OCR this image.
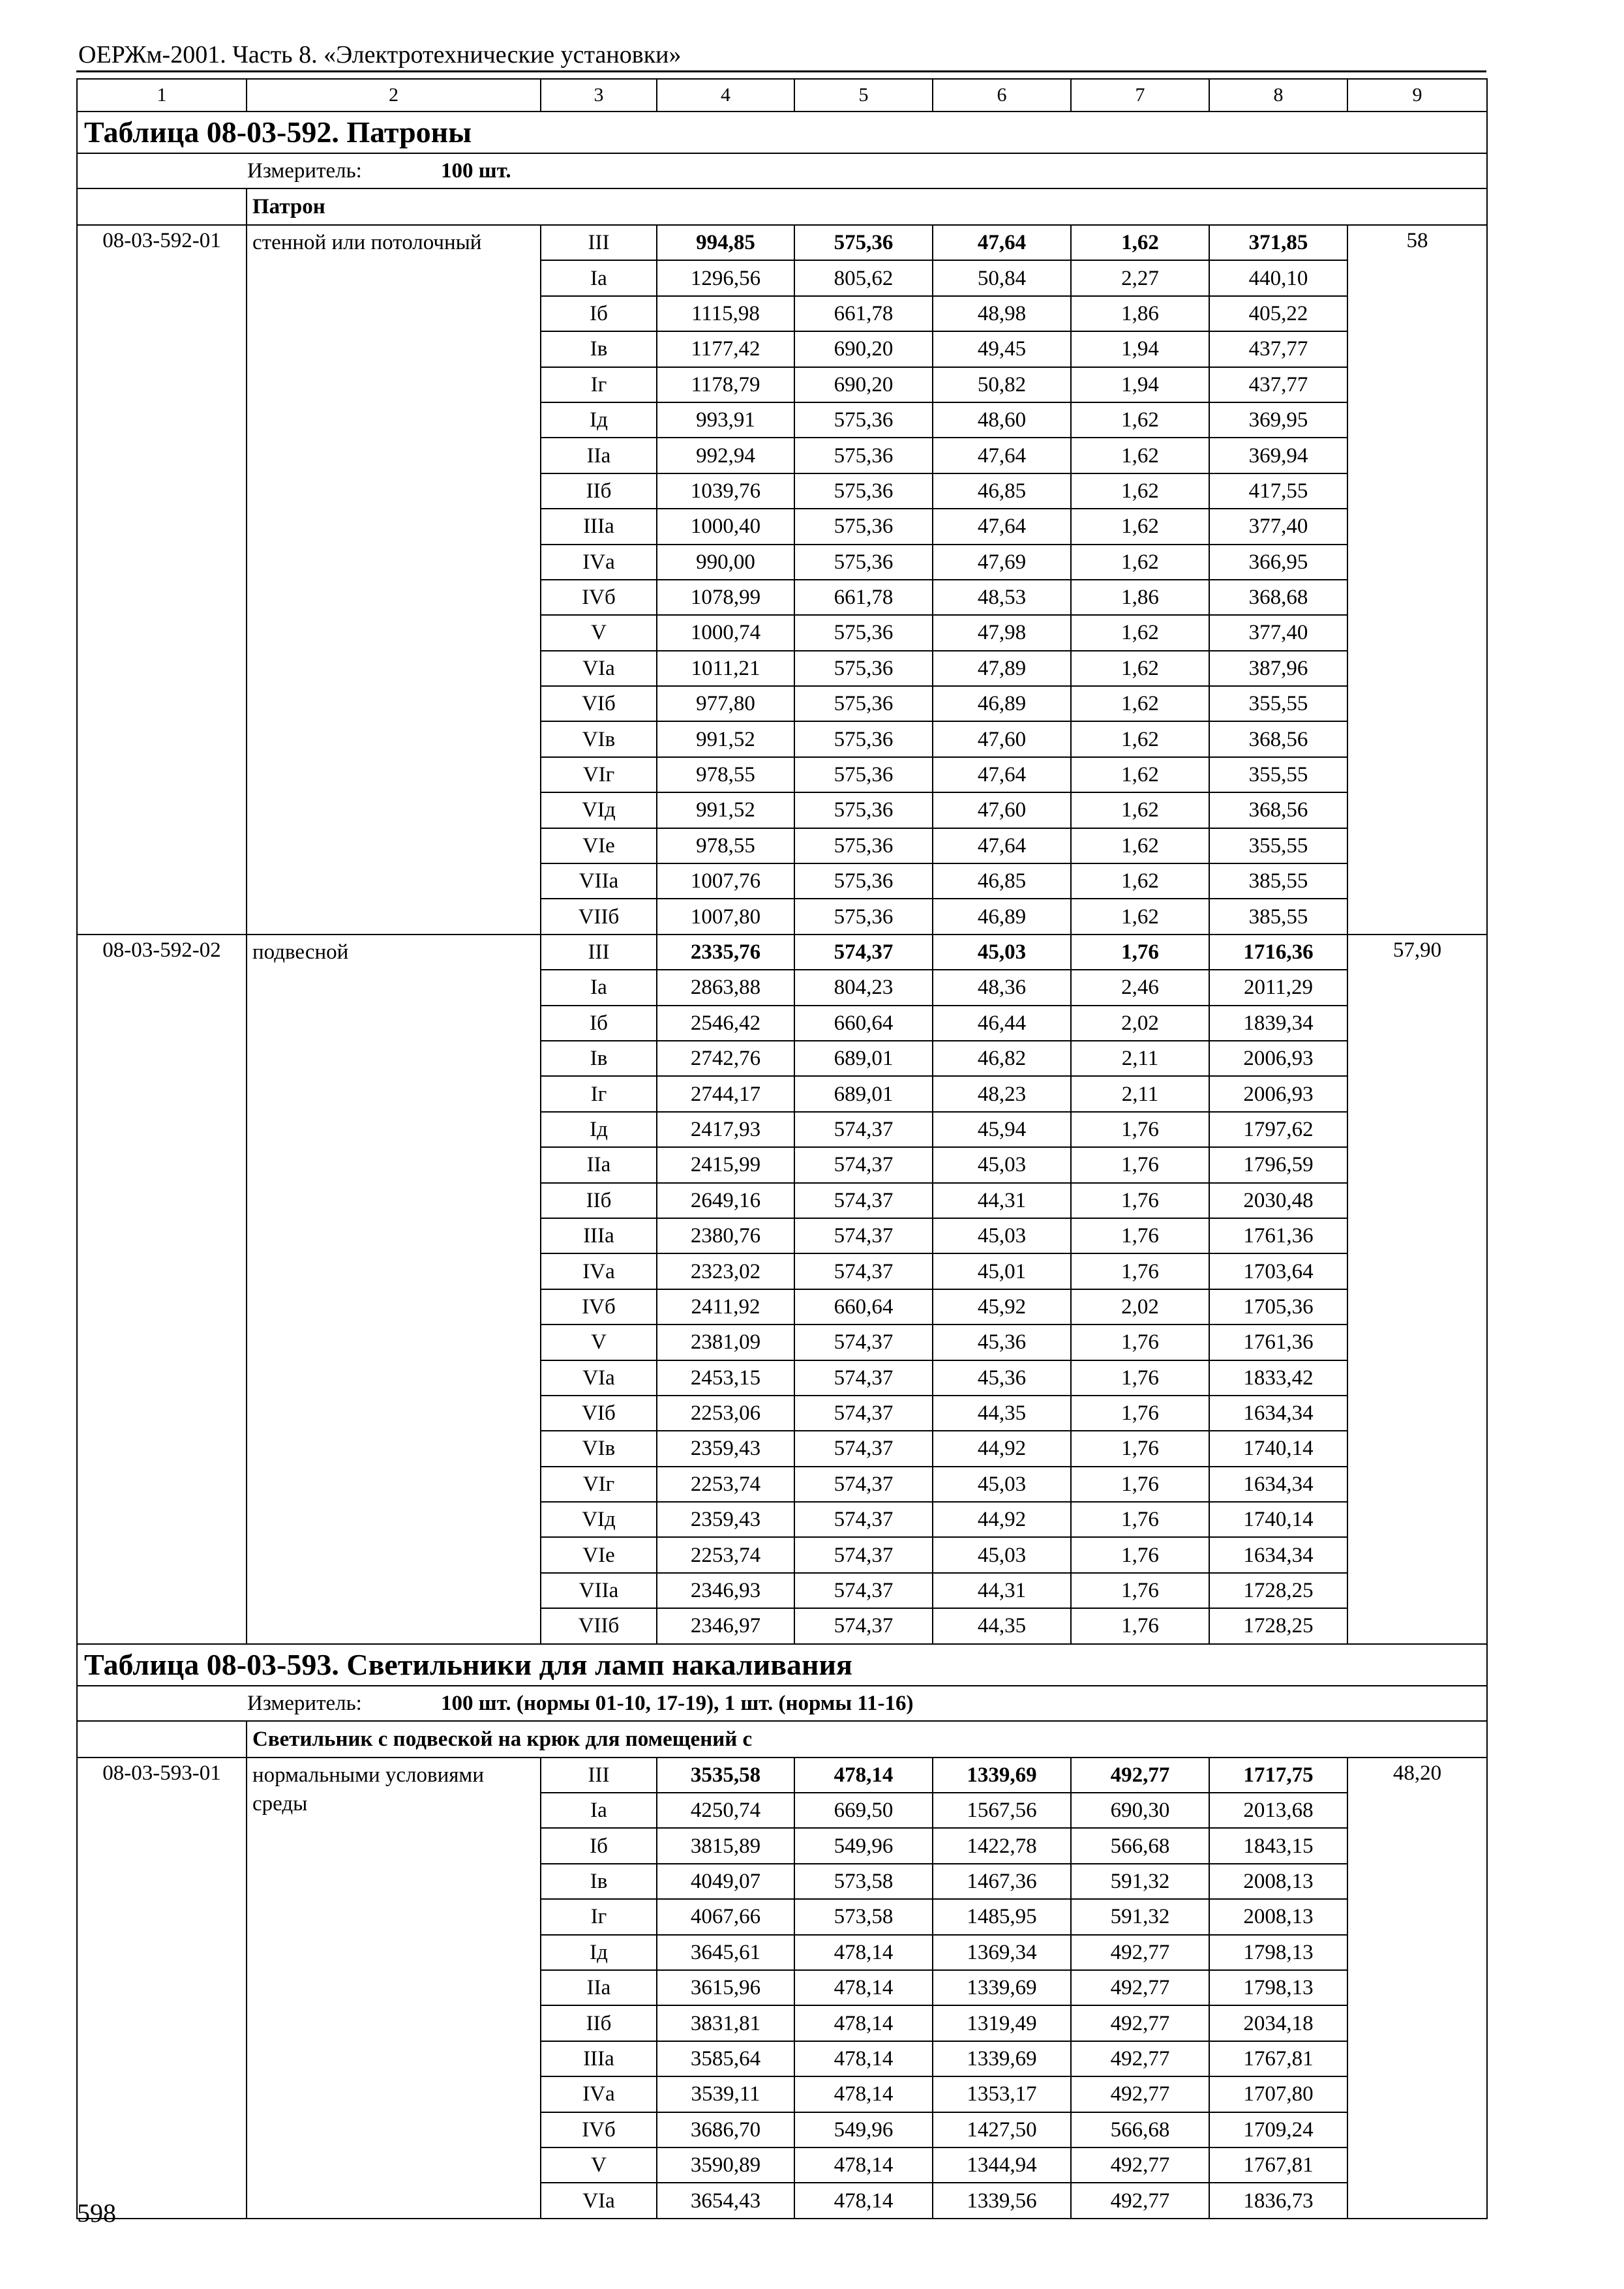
ОЕРЖм-2001. Часть 8. «Электротехнические установки»
1	2	3	4	5	6	7	8	9
Таблица 08-03-592. Патроны								
Измеритель: 100 шт.								
	Патрон							
08-03-592-01	стенной или потолочный	III	994,85	575,36	47,64	1,62	371,85	58
		Iа	1296,56	805,62	50,84	2,27	440,10	
		Iб	1115,98	661,78	48,98	1,86	405,22	
		Iв	1177,42	690,20	49,45	1,94	437,77	
		Iг	1178,79	690,20	50,82	1,94	437,77	
		Iд	993,91	575,36	48,60	1,62	369,95	
		IIа	992,94	575,36	47,64	1,62	369,94	
		IIб	1039,76	575,36	46,85	1,62	417,55	
		IIIа	1000,40	575,36	47,64	1,62	377,40	
		IVа	990,00	575,36	47,69	1,62	366,95	
		IVб	1078,99	661,78	48,53	1,86	368,68	
		V	1000,74	575,36	47,98	1,62	377,40	
		VIа	1011,21	575,36	47,89	1,62	387,96	
		VIб	977,80	575,36	46,89	1,62	355,55	
		VIв	991,52	575,36	47,60	1,62	368,56	
		VIг	978,55	575,36	47,64	1,62	355,55	
		VIд	991,52	575,36	47,60	1,62	368,56	
		VIе	978,55	575,36	47,64	1,62	355,55	
		VIIа	1007,76	575,36	46,85	1,62	385,55	
		VIIб	1007,80	575,36	46,89	1,62	385,55	
08-03-592-02	подвесной	III	2335,76	574,37	45,03	1,76	1716,36	57,90
		Iа	2863,88	804,23	48,36	2,46	2011,29	
		Iб	2546,42	660,64	46,44	2,02	1839,34	
		Iв	2742,76	689,01	46,82	2,11	2006,93	
		Iг	2744,17	689,01	48,23	2,11	2006,93	
		Iд	2417,93	574,37	45,94	1,76	1797,62	
		IIа	2415,99	574,37	45,03	1,76	1796,59	
		IIб	2649,16	574,37	44,31	1,76	2030,48	
		IIIа	2380,76	574,37	45,03	1,76	1761,36	
		IVа	2323,02	574,37	45,01	1,76	1703,64	
		IVб	2411,92	660,64	45,92	2,02	1705,36	
		V	2381,09	574,37	45,36	1,76	1761,36	
		VIа	2453,15	574,37	45,36	1,76	1833,42	
		VIб	2253,06	574,37	44,35	1,76	1634,34	
		VIв	2359,43	574,37	44,92	1,76	1740,14	
		VIг	2253,74	574,37	45,03	1,76	1634,34	
		VIд	2359,43	574,37	44,92	1,76	1740,14	
		VIе	2253,74	574,37	45,03	1,76	1634,34	
		VIIа	2346,93	574,37	44,31	1,76	1728,25	
		VIIб	2346,97	574,37	44,35	1,76	1728,25	
Таблица 08-03-593. Светильники для ламп накаливания								
Измеритель: 100 шт. (нормы 01-10, 17-19), 1 шт. (нормы 11-16)								
	Светильник с подвеской на крюк для помещений с							
08-03-593-01	нормальными условиями среды	III	3535,58	478,14	1339,69	492,77	1717,75	48,20
		Iа	4250,74	669,50	1567,56	690,30	2013,68	
		Iб	3815,89	549,96	1422,78	566,68	1843,15	
		Iв	4049,07	573,58	1467,36	591,32	2008,13	
		Iг	4067,66	573,58	1485,95	591,32	2008,13	
		Iд	3645,61	478,14	1369,34	492,77	1798,13	
		IIа	3615,96	478,14	1339,69	492,77	1798,13	
		IIб	3831,81	478,14	1319,49	492,77	2034,18	
		IIIа	3585,64	478,14	1339,69	492,77	1767,81	
		IVа	3539,11	478,14	1353,17	492,77	1707,80	
		IVб	3686,70	549,96	1427,50	566,68	1709,24	
		V	3590,89	478,14	1344,94	492,77	1767,81	
		VIа	3654,43	478,14	1339,56	492,77	1836,73	
598
